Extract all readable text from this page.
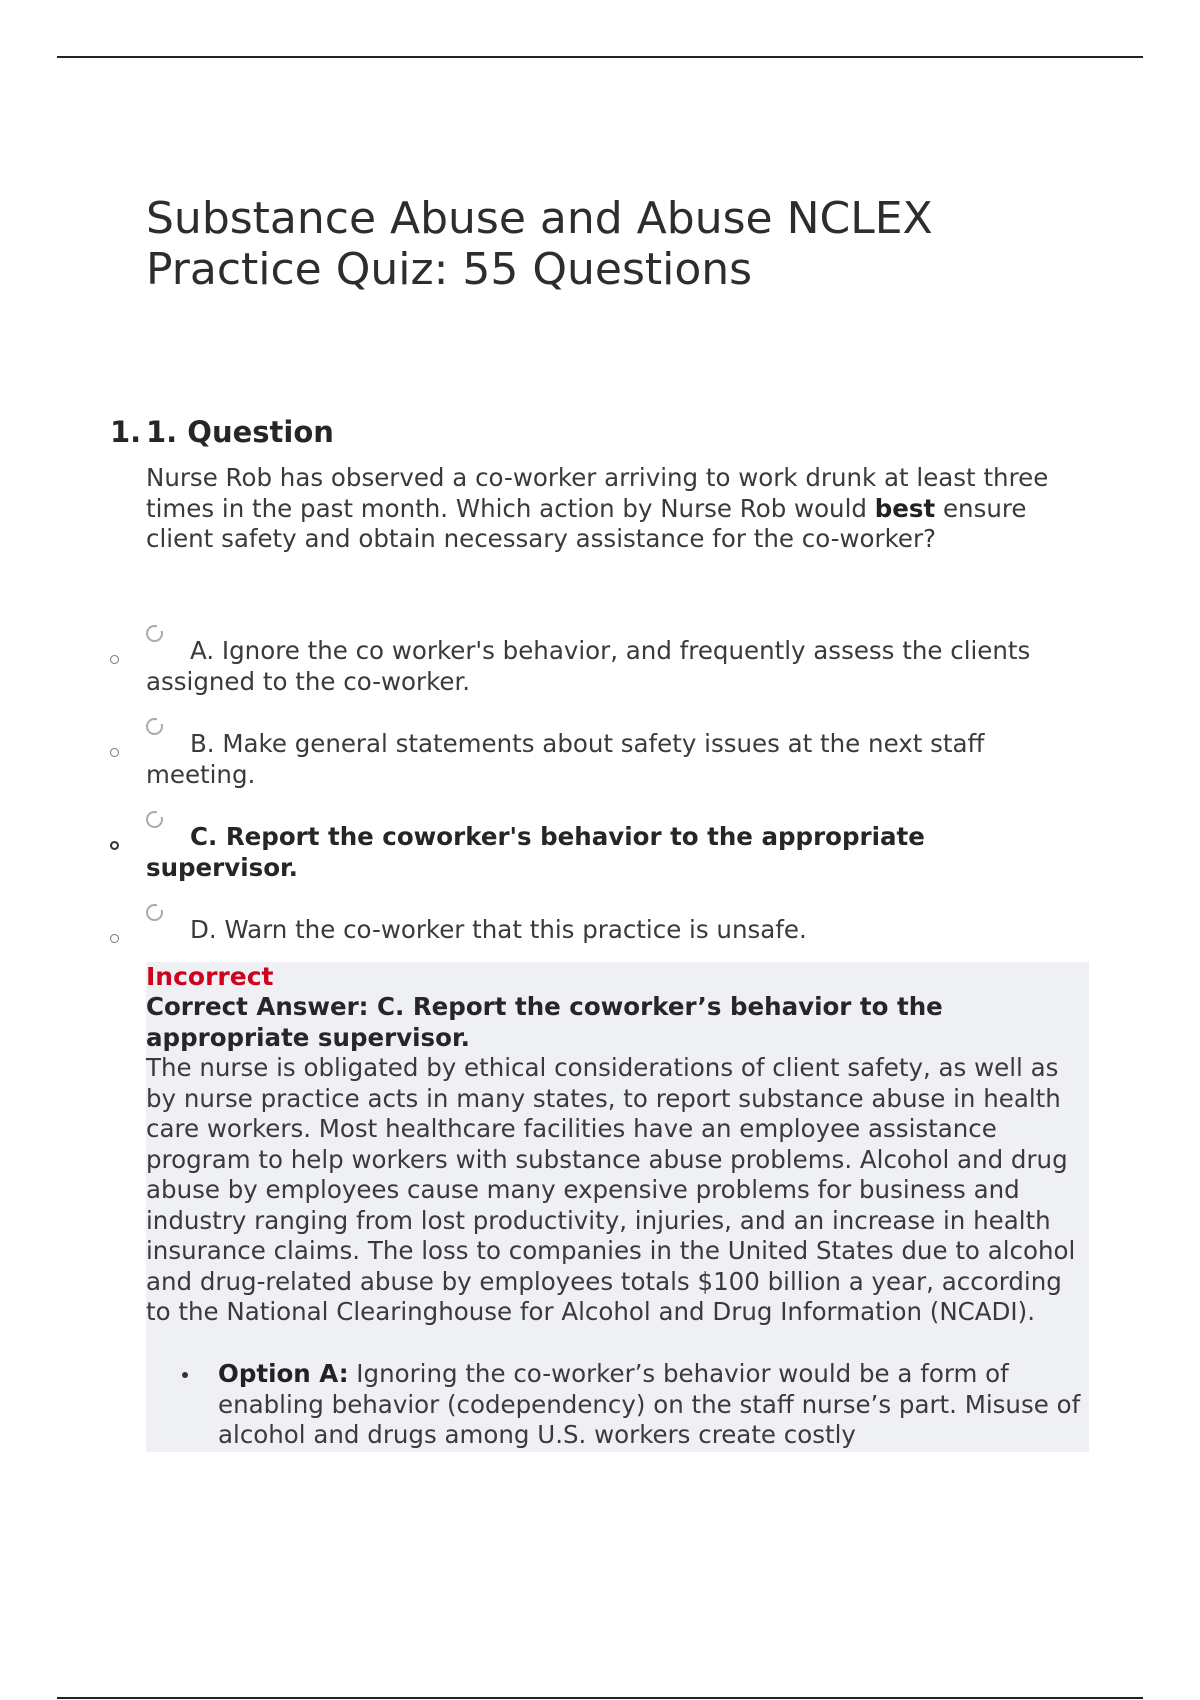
Substance Abuse and Abuse NCLEX Practice Quiz: 55 Questions
1. 1. Question

Nurse Rob has observed a co-worker arriving to work drunk at least three times in the past month. Which action by Nurse Rob would best ensure client safety and obtain necessary assistance for the co-worker?

A. Ignore the co worker's behavior, and frequently assess the clients assigned to the co-worker.
B. Make general statements about safety issues at the next staff meeting.
C. Report the coworker's behavior to the appropriate supervisor.
D. Warn the co-worker that this practice is unsafe.
Incorrect
Correct Answer: C. Report the coworker’s behavior to the appropriate supervisor.

The nurse is obligated by ethical considerations of client safety, as well as by nurse practice acts in many states, to report substance abuse in health care workers. Most healthcare facilities have an employee assistance program to help workers with substance abuse problems. Alcohol and drug abuse by employees cause many expensive problems for business and industry ranging from lost productivity, injuries, and an increase in health insurance claims. The loss to companies in the United States due to alcohol and drug-related abuse by employees totals $100 billion a year, according to the National Clearinghouse for Alcohol and Drug Information (NCADI).

Option A: Ignoring the co-worker’s behavior would be a form of enabling behavior (codependency) on the staff nurse’s part. Misuse of alcohol and drugs among U.S. workers create costly
